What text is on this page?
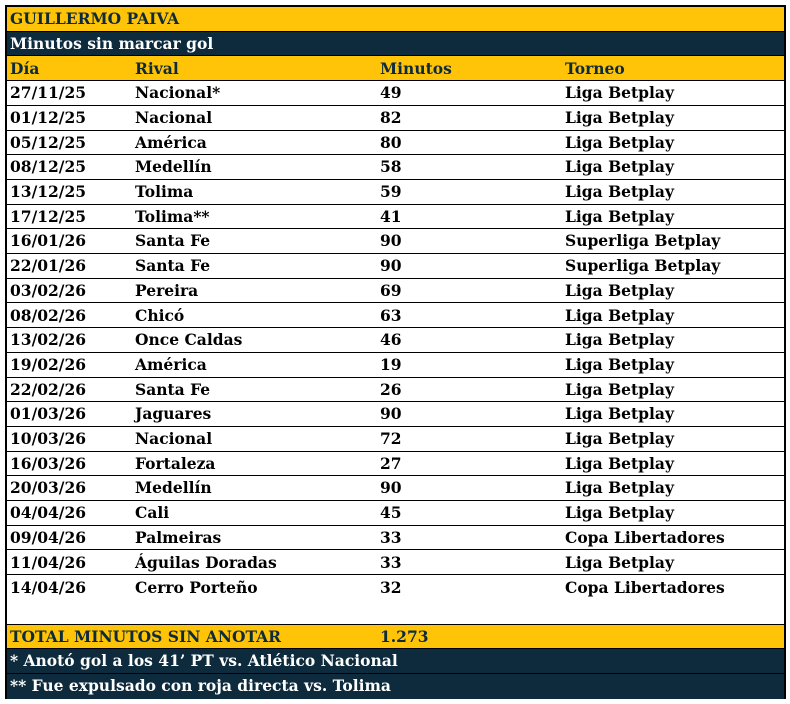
GUILLERMO PAIVA
Minutos sin marcar gol
Día	Rival	Minutos	Torneo
27/11/25	Nacional*	49	Liga Betplay
01/12/25	Nacional	82	Liga Betplay
05/12/25	América	80	Liga Betplay
08/12/25	Medellín	58	Liga Betplay
13/12/25	Tolima	59	Liga Betplay
17/12/25	Tolima**	41	Liga Betplay
16/01/26	Santa Fe	90	Superliga Betplay
22/01/26	Santa Fe	90	Superliga Betplay
03/02/26	Pereira	69	Liga Betplay
08/02/26	Chicó	63	Liga Betplay
13/02/26	Once Caldas	46	Liga Betplay
19/02/26	América	19	Liga Betplay
22/02/26	Santa Fe	26	Liga Betplay
01/03/26	Jaguares	90	Liga Betplay
10/03/26	Nacional	72	Liga Betplay
16/03/26	Fortaleza	27	Liga Betplay
20/03/26	Medellín	90	Liga Betplay
04/04/26	Cali	45	Liga Betplay
09/04/26	Palmeiras	33	Copa Libertadores
11/04/26	Águilas Doradas	33	Liga Betplay
14/04/26	Cerro Porteño	32	Copa Libertadores
TOTAL MINUTOS SIN ANOTAR	1.273
* Anotó gol a los 41’ PT vs. Atlético Nacional
** Fue expulsado con roja directa vs. Tolima
